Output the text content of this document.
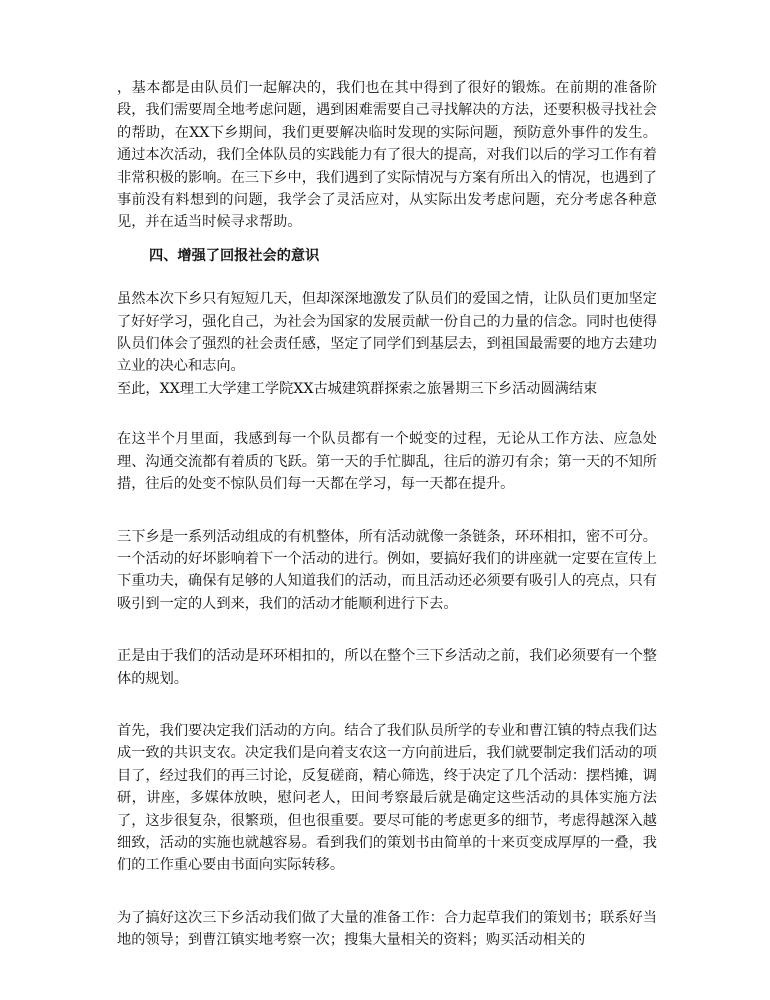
，基本都是由队员们一起解决的，我们也在其中得到了很好的锻炼。在前期的准备阶段，我们需要周全地考虑问题，遇到困难需要自己寻找解决的方法，还要积极寻找社会的帮助，在XX下乡期间，我们更要解决临时发现的实际问题，预防意外事件的发生。通过本次活动，我们全体队员的实践能力有了很大的提高，对我们以后的学习工作有着非常积极的影响。在三下乡中，我们遇到了实际情况与方案有所出入的情况，也遇到了事前没有料想到的问题，我学会了灵活应对，从实际出发考虑问题，充分考虑各种意见，并在适当时候寻求帮助。

四、增强了回报社会的意识

虽然本次下乡只有短短几天，但却深深地激发了队员们的爱国之情，让队员们更加坚定了好好学习，强化自己，为社会为国家的发展贡献一份自己的力量的信念。同时也使得队员们体会了强烈的社会责任感，坚定了同学们到基层去，到祖国最需要的地方去建功立业的决心和志向。

至此，XX理工大学建工学院XX古城建筑群探索之旅暑期三下乡活动圆满结束

在这半个月里面，我感到每一个队员都有一个蜕变的过程，无论从工作方法、应急处理、沟通交流都有着质的飞跃。第一天的手忙脚乱，往后的游刃有余；第一天的不知所措，往后的处变不惊队员们每一天都在学习，每一天都在提升。

三下乡是一系列活动组成的有机整体，所有活动就像一条链条，环环相扣，密不可分。一个活动的好坏影响着下一个活动的进行。例如，要搞好我们的讲座就一定要在宣传上下重功夫，确保有足够的人知道我们的活动，而且活动还必须要有吸引人的亮点，只有吸引到一定的人到来，我们的活动才能顺利进行下去。

正是由于我们的活动是环环相扣的，所以在整个三下乡活动之前，我们必须要有一个整体的规划。

首先，我们要决定我们活动的方向。结合了我们队员所学的专业和曹江镇的特点我们达成一致的共识支农。决定我们是向着支农这一方向前进后，我们就要制定我们活动的项目了，经过我们的再三讨论，反复磋商，精心筛选，终于决定了几个活动：摆档摊，调研，讲座，多媒体放映，慰问老人，田间考察最后就是确定这些活动的具体实施方法了，这步很复杂，很繁琐，但也很重要。要尽可能的考虑更多的细节，考虑得越深入越细致，活动的实施也就越容易。看到我们的策划书由简单的十来页变成厚厚的一叠，我们的工作重心要由书面向实际转移。

为了搞好这次三下乡活动我们做了大量的准备工作：合力起草我们的策划书；联系好当地的领导；到曹江镇实地考察一次；搜集大量相关的资料；购买活动相关的
